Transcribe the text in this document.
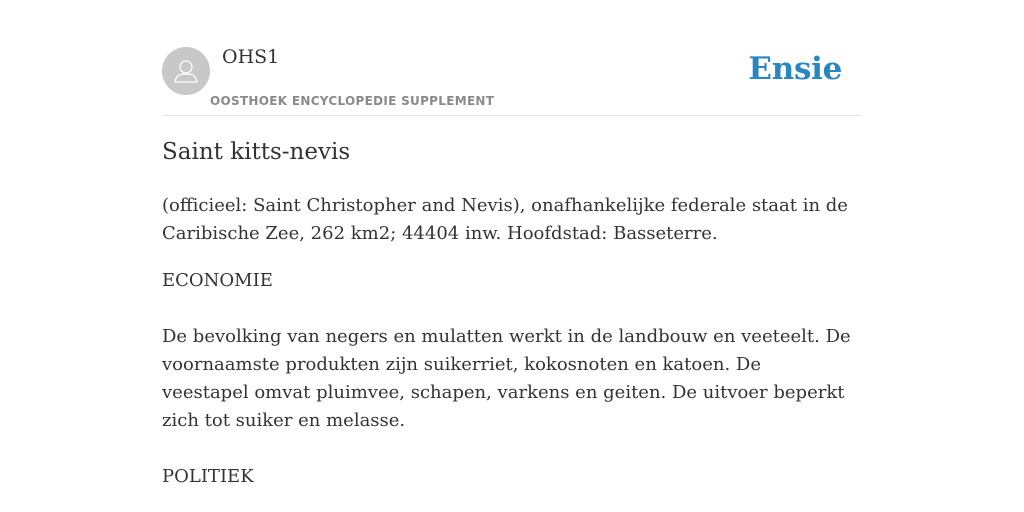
OHS1
OOSTHOEK ENCYCLOPEDIE SUPPLEMENT
Ensie
Saint kitts-nevis

(officieel: Saint Christopher and Nevis), onafhankelijke federale staat in de Caribische Zee, 262 km2; 44404 inw. Hoofdstad: Basseterre.

ECONOMIE

De bevolking van negers en mulatten werkt in de landbouw en veeteelt. De voornaamste produkten zijn suikerriet, kokosnoten en katoen. De veestapel omvat pluimvee, schapen, varkens en geiten. De uitvoer beperkt zich tot suiker en melasse.

POLITIEK
